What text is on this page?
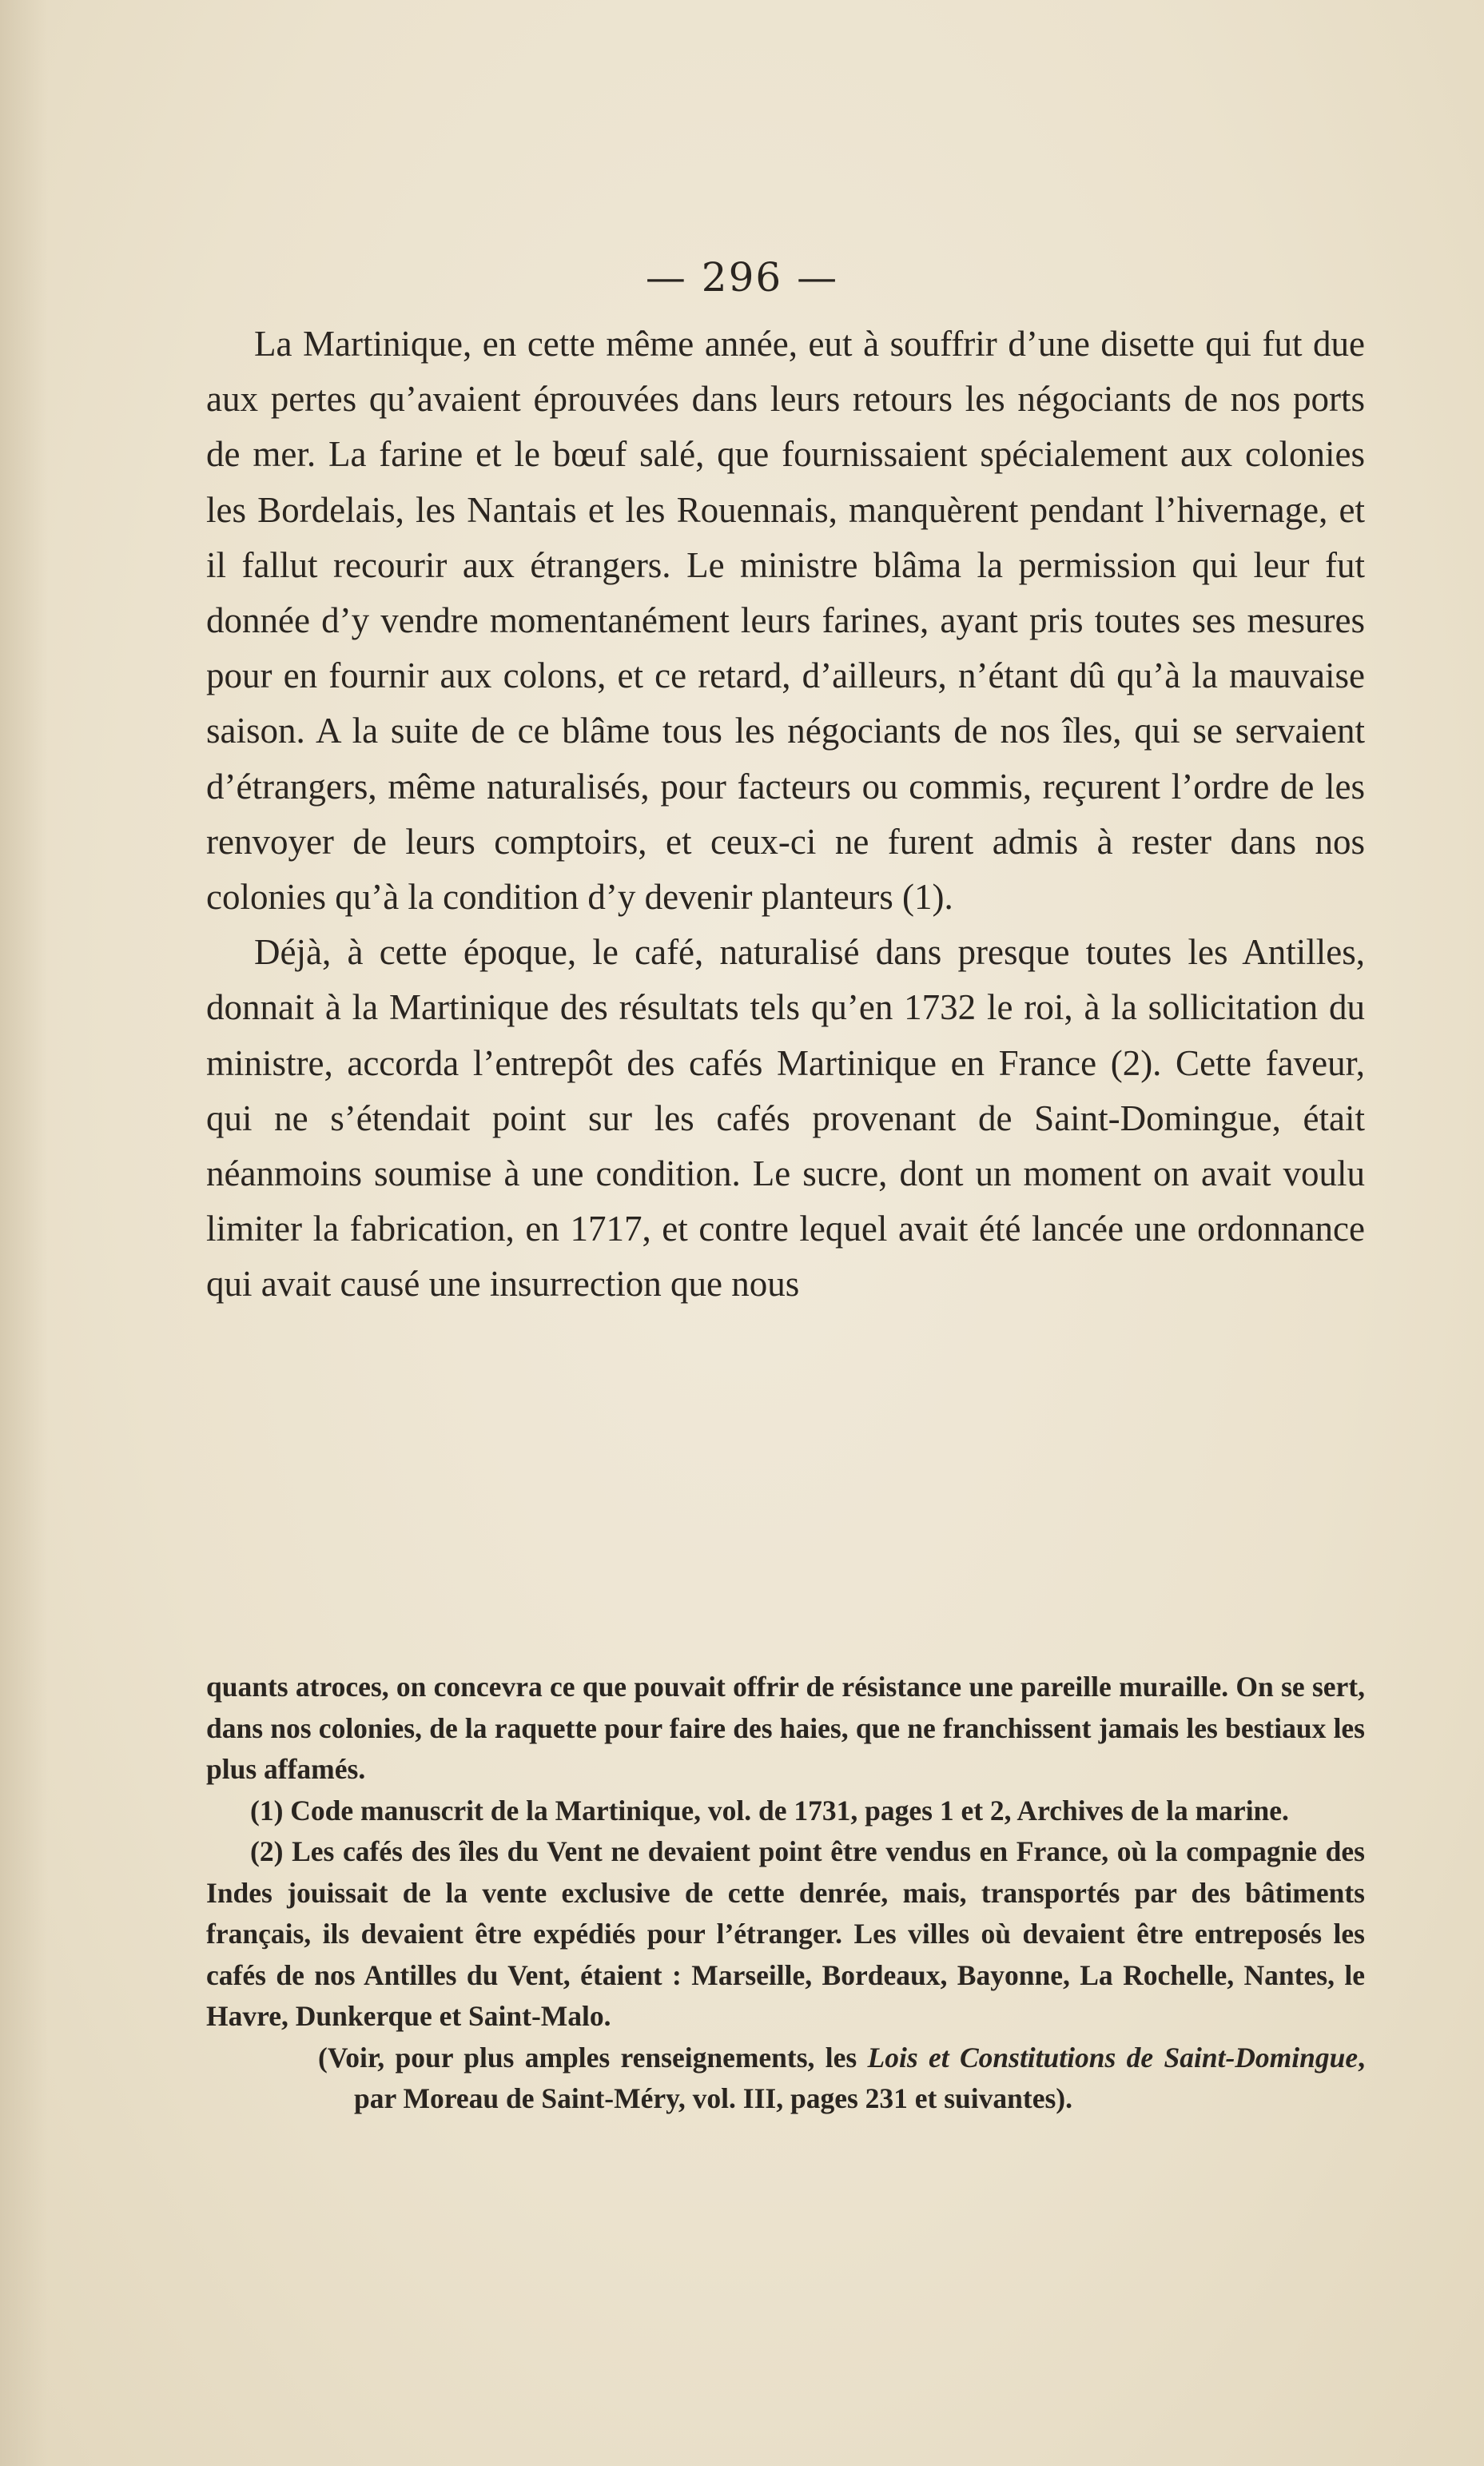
— 296 —

La Martinique, en cette même année, eut à souffrir d’une disette qui fut due aux pertes qu’avaient éprouvées dans leurs retours les négociants de nos ports de mer. La farine et le bœuf salé, que fournissaient spécialement aux colonies les Bordelais, les Nantais et les Rouennais, manquèrent pendant l’hivernage, et il fallut recourir aux étrangers. Le ministre blâma la permission qui leur fut donnée d’y vendre momentanément leurs farines, ayant pris toutes ses mesures pour en fournir aux colons, et ce retard, d’ailleurs, n’étant dû qu’à la mauvaise saison. A la suite de ce blâme tous les négociants de nos îles, qui se servaient d’étrangers, même naturalisés, pour facteurs ou commis, reçurent l’ordre de les renvoyer de leurs comptoirs, et ceux-ci ne furent admis à rester dans nos colonies qu’à la condition d’y devenir planteurs (1).

Déjà, à cette époque, le café, naturalisé dans presque toutes les Antilles, donnait à la Martinique des résultats tels qu’en 1732 le roi, à la sollicitation du ministre, accorda l’entrepôt des cafés Martinique en France (2). Cette faveur, qui ne s’étendait point sur les cafés provenant de Saint-Domingue, était néanmoins soumise à une condition. Le sucre, dont un moment on avait voulu limiter la fabrication, en 1717, et contre lequel avait été lancée une ordonnance qui avait causé une insurrection que nous

quants atroces, on concevra ce que pouvait offrir de résistance une pareille muraille. On se sert, dans nos colonies, de la raquette pour faire des haies, que ne franchissent jamais les bestiaux les plus affamés.

(1) Code manuscrit de la Martinique, vol. de 1731, pages 1 et 2, Archives de la marine.

(2) Les cafés des îles du Vent ne devaient point être vendus en France, où la compagnie des Indes jouissait de la vente exclusive de cette denrée, mais, transportés par des bâtiments français, ils devaient être expédiés pour l’étranger. Les villes où devaient être entreposés les cafés de nos Antilles du Vent, étaient : Marseille, Bordeaux, Bayonne, La Rochelle, Nantes, le Havre, Dunkerque et Saint-Malo.

(Voir, pour plus amples renseignements, les Lois et Constitutions de Saint-Domingue, par Moreau de Saint-Méry, vol. III, pages 231 et suivantes).
